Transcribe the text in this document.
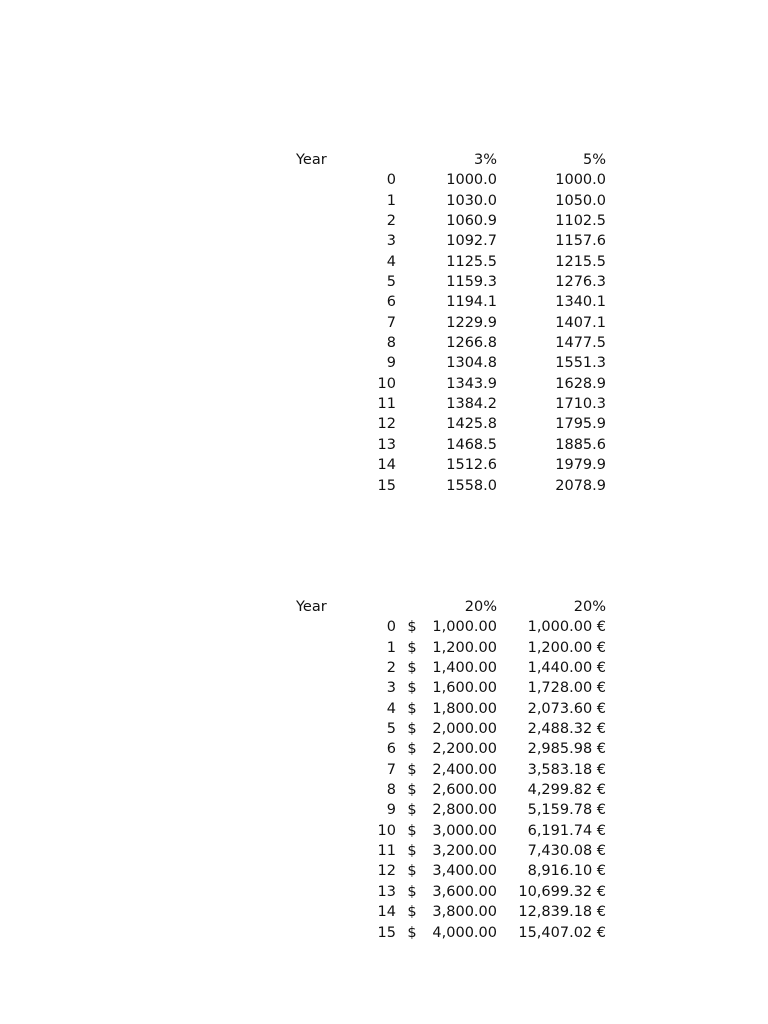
Year		3%	5%
	0	1000.0	1000.0
	1	1030.0	1050.0
	2	1060.9	1102.5
	3	1092.7	1157.6
	4	1125.5	1215.5
	5	1159.3	1276.3
	6	1194.1	1340.1
	7	1229.9	1407.1
	8	1266.8	1477.5
	9	1304.8	1551.3
	10	1343.9	1628.9
	11	1384.2	1710.3
	12	1425.8	1795.9
	13	1468.5	1885.6
	14	1512.6	1979.9
	15	1558.0	2078.9
Year		20%		20%
	0	$	1,000.00	1,000.00 €
	1	$	1,200.00	1,200.00 €
	2	$	1,400.00	1,440.00 €
	3	$	1,600.00	1,728.00 €
	4	$	1,800.00	2,073.60 €
	5	$	2,000.00	2,488.32 €
	6	$	2,200.00	2,985.98 €
	7	$	2,400.00	3,583.18 €
	8	$	2,600.00	4,299.82 €
	9	$	2,800.00	5,159.78 €
	10	$	3,000.00	6,191.74 €
	11	$	3,200.00	7,430.08 €
	12	$	3,400.00	8,916.10 €
	13	$	3,600.00	10,699.32 €
	14	$	3,800.00	12,839.18 €
	15	$	4,000.00	15,407.02 €
